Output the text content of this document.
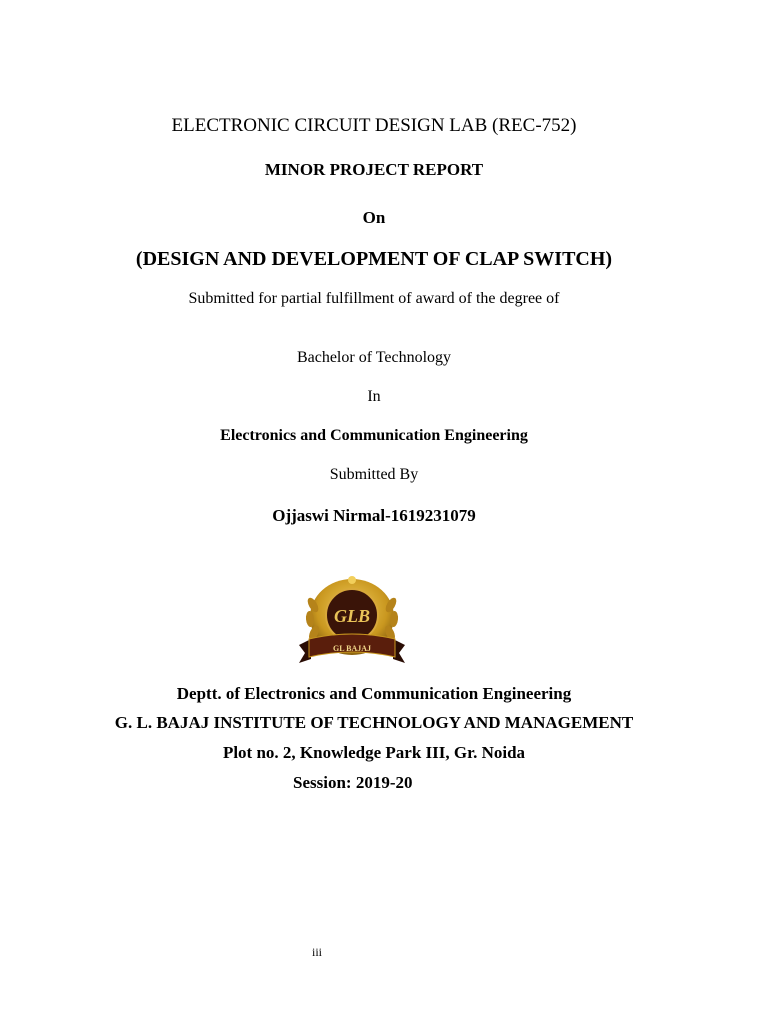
ELECTRONIC CIRCUIT DESIGN LAB (REC-752)
MINOR PROJECT REPORT
On
(DESIGN AND DEVELOPMENT OF CLAP SWITCH)
Submitted for partial fulfillment of award of the degree of
Bachelor of Technology
In
Electronics and Communication Engineering
Submitted By
Ojjaswi Nirmal-1619231079
GLB
GL BAJAJ
Deptt. of Electronics and Communication Engineering
G. L. BAJAJ INSTITUTE OF TECHNOLOGY AND MANAGEMENT
Plot no. 2, Knowledge Park III, Gr. Noida
Session: 2019-20
iii
